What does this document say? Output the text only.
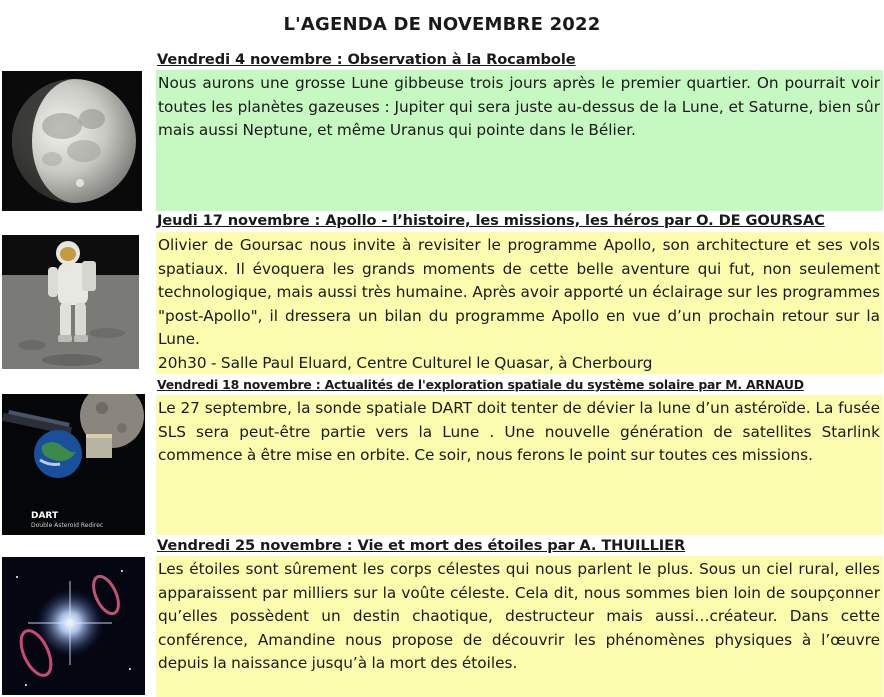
L'AGENDA DE NOVEMBRE 2022
Vendredi 4 novembre : Observation à la Rocambole

Nous aurons une grosse Lune gibbeuse trois jours après le premier quartier. On pourrait voir toutes les planètes gazeuses : Jupiter qui sera juste au-dessus de la Lune, et Saturne, bien sûr mais aussi Neptune, et même Uranus qui pointe dans le Bélier.

Jeudi 17 novembre : Apollo - l’histoire, les missions, les héros par O. DE GOURSAC

Olivier de Goursac nous invite à revisiter le programme Apollo, son architecture et ses vols spatiaux. Il évoquera les grands moments de cette belle aventure qui fut, non seulement technologique, mais aussi très humaine. Après avoir apporté un éclairage sur les programmes "post-Apollo", il dressera un bilan du programme Apollo en vue d’un prochain retour sur la Lune.

20h30 - Salle Paul Eluard, Centre Culturel le Quasar, à Cherbourg

Vendredi 18 novembre : Actualités de l'exploration spatiale du système solaire par M. ARNAUD
DART
Double Asteroid Redirec

Le 27 septembre, la sonde spatiale DART doit tenter de dévier la lune d’un astéroïde. La fusée SLS sera peut-être partie vers la Lune . Une nouvelle génération de satellites Starlink commence à être mise en orbite. Ce soir, nous ferons le point sur toutes ces missions.

Vendredi 25 novembre : Vie et mort des étoiles par A. THUILLIER

Les étoiles sont sûrement les corps célestes qui nous parlent le plus. Sous un ciel rural, elles apparaissent par milliers sur la voûte céleste. Cela dit, nous sommes bien loin de soupçonner qu’elles possèdent un destin chaotique, destructeur mais aussi…créateur. Dans cette conférence, Amandine nous propose de découvrir les phénomènes physiques à l’œuvre depuis la naissance jusqu’à la mort des étoiles.
